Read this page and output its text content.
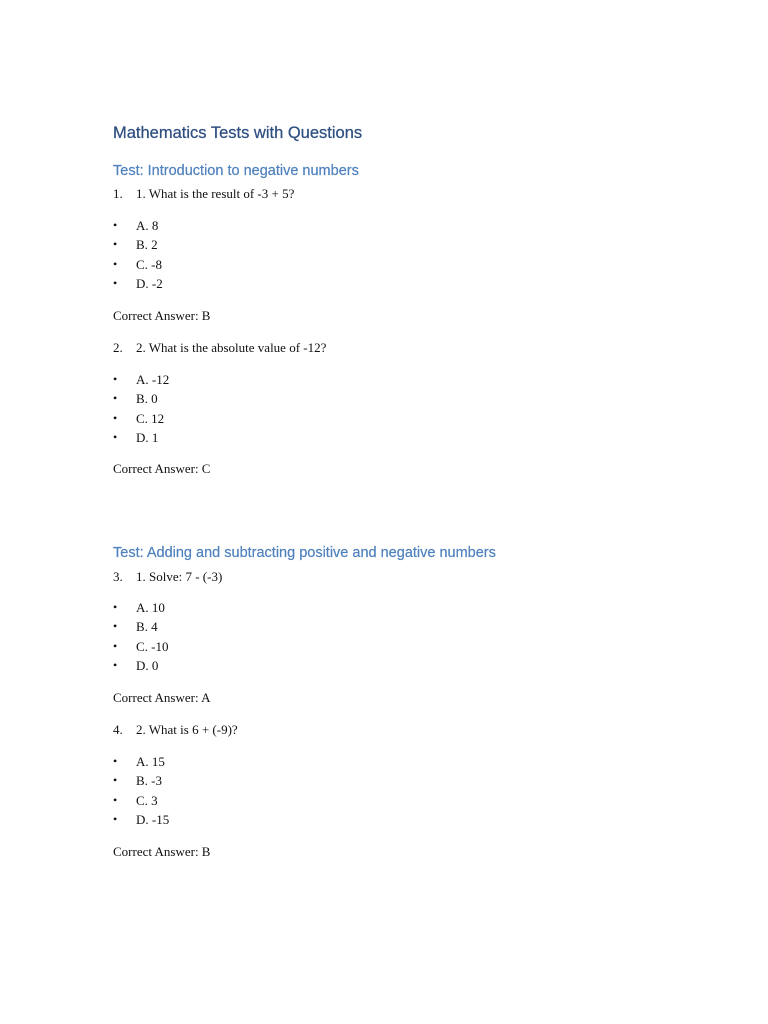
Mathematics Tests with Questions
Test: Introduction to negative numbers
1. 1. What is the result of -3 + 5?
• A. 8
• B. 2
• C. -8
• D. -2
Correct Answer: B
2. 2. What is the absolute value of -12?
• A. -12
• B. 0
• C. 12
• D. 1
Correct Answer: C
Test: Adding and subtracting positive and negative numbers
3. 1. Solve: 7 - (-3)
• A. 10
• B. 4
• C. -10
• D. 0
Correct Answer: A
4. 2. What is 6 + (-9)?
• A. 15
• B. -3
• C. 3
• D. -15
Correct Answer: B
